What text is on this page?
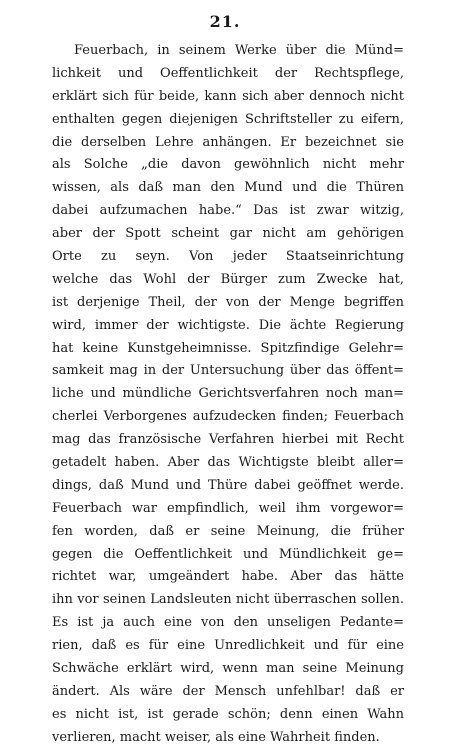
21.
Feuerbach, in seinem Werke über die Münd=
lichkeit und Oeffentlichkeit der Rechtspflege,
erklärt sich für beide, kann sich aber dennoch nicht
enthalten gegen diejenigen Schriftsteller zu eifern,
die derselben Lehre anhängen. Er bezeichnet sie
als Solche „die davon gewöhnlich nicht mehr
wissen, als daß man den Mund und die Thüren
dabei aufzumachen habe.“ Das ist zwar witzig,
aber der Spott scheint gar nicht am gehörigen
Orte zu seyn. Von jeder Staatseinrichtung
welche das Wohl der Bürger zum Zwecke hat,
ist derjenige Theil, der von der Menge begriffen
wird, immer der wichtigste. Die ächte Regierung
hat keine Kunstgeheimnisse. Spitzfindige Gelehr=
samkeit mag in der Untersuchung über das öffent=
liche und mündliche Gerichtsverfahren noch man=
cherlei Verborgenes aufzudecken finden; Feuerbach
mag das französische Verfahren hierbei mit Recht
getadelt haben. Aber das Wichtigste bleibt aller=
dings, daß Mund und Thüre dabei geöffnet werde.
Feuerbach war empfindlich, weil ihm vorgewor=
fen worden, daß er seine Meinung, die früher
gegen die Oeffentlichkeit und Mündlichkeit ge=
richtet war, umgeändert habe. Aber das hätte
ihn vor seinen Landsleuten nicht überraschen sollen.
Es ist ja auch eine von den unseligen Pedante=
rien, daß es für eine Unredlichkeit und für eine
Schwäche erklärt wird, wenn man seine Meinung
ändert. Als wäre der Mensch unfehlbar! daß er
es nicht ist, ist gerade schön; denn einen Wahn
verlieren, macht weiser, als eine Wahrheit finden.
